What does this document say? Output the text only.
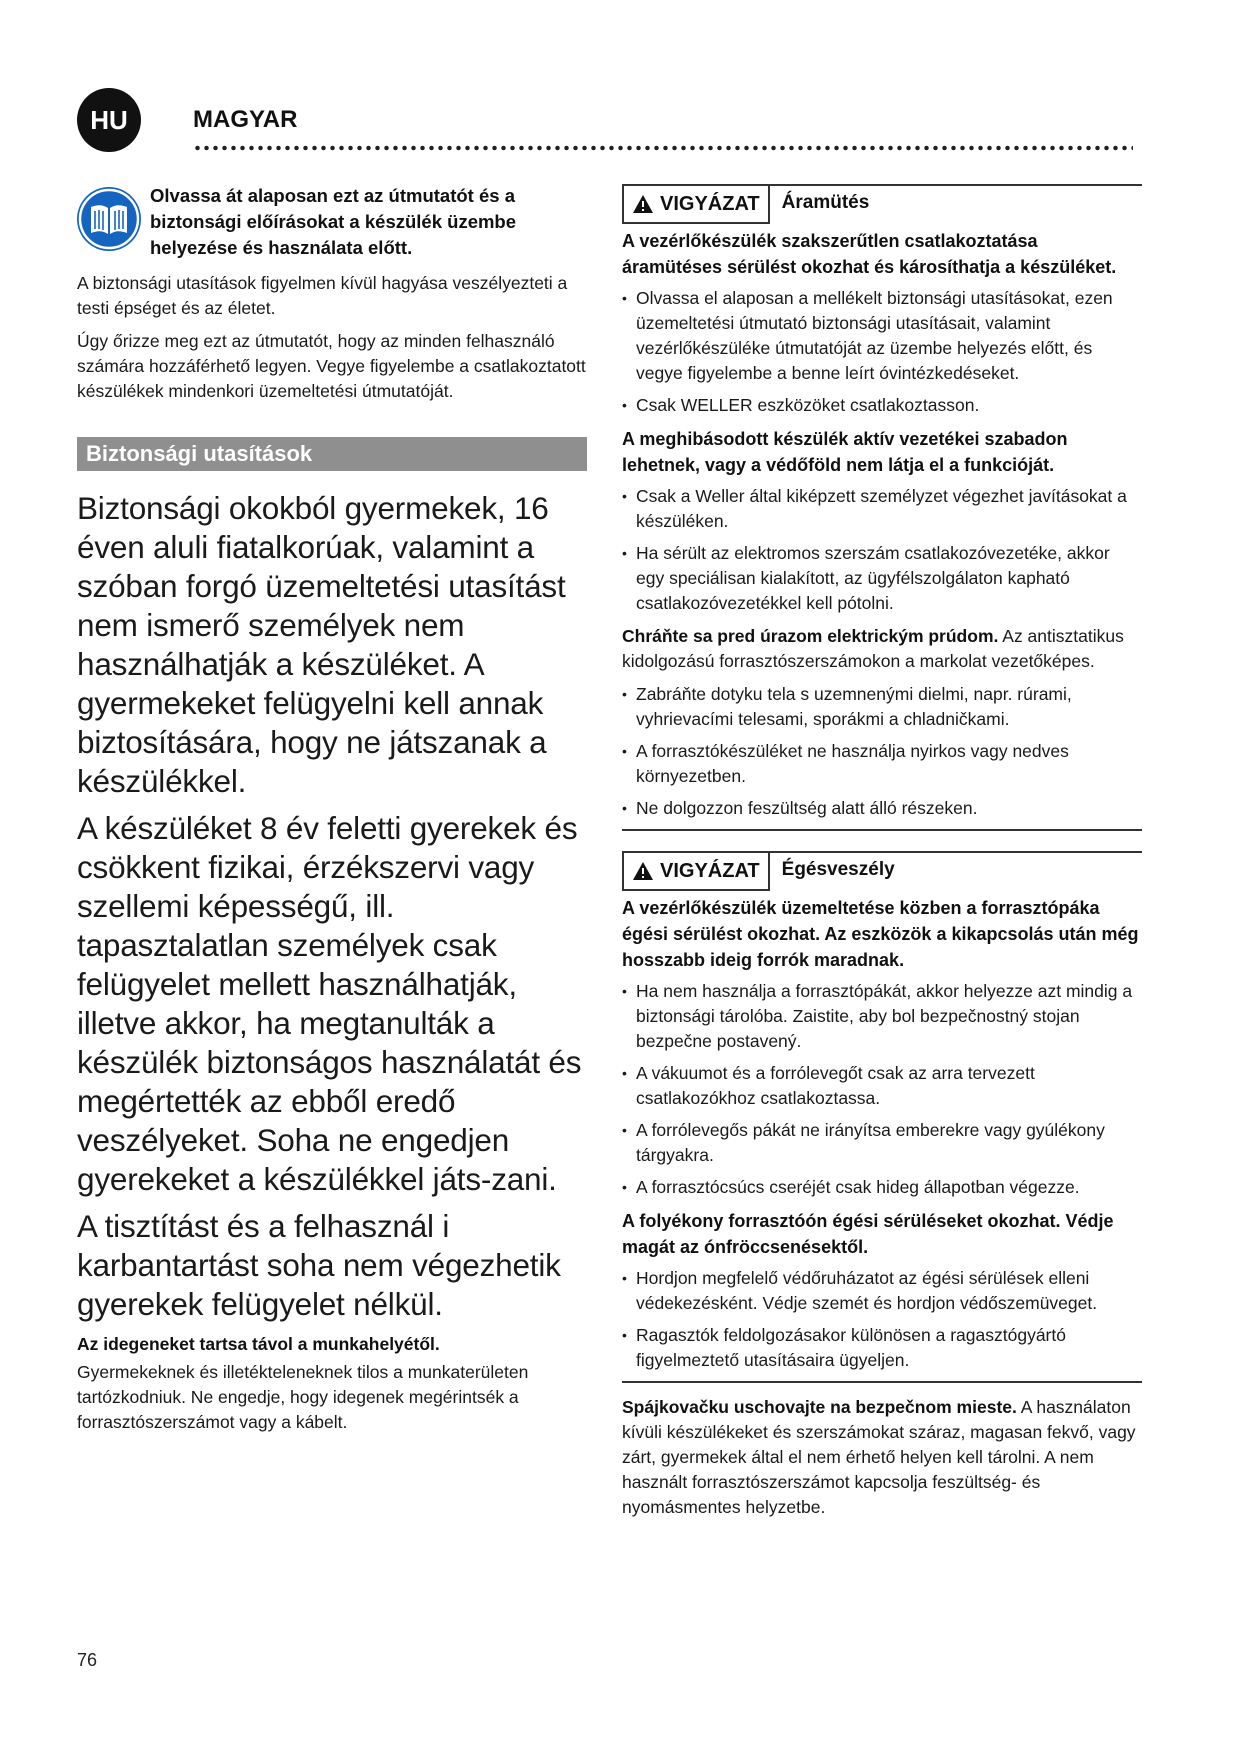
HU	MAGYAR
Olvassa át alaposan ezt az útmutatót és a biztonsági előírásokat a készülék üzembe helyezése és használata előtt.

A biztonsági utasítások figyelmen kívül hagyása veszélyezteti a testi épséget és az életet.

Úgy őrizze meg ezt az útmutatót, hogy az minden felhasználó számára hozzáférhető legyen. Vegye figyelembe a csatlakoztatott készülékek mindenkori üzemeltetési útmutatóját.

Biztonsági utasítások

Biztonsági okokból gyermekek, 16 éven aluli fiatalkorúak, valamint a szóban forgó üzemeltetési utasítást nem ismerő személyek nem használhatják a készüléket. A gyermekeket felügyelni kell annak biztosítására, hogy ne játszanak a készülékkel.

A készüléket 8 év feletti gyerekek és csökkent fizikai, érzékszervi vagy szellemi képességű, ill. tapasztalatlan személyek csak felügyelet mellett használhatják, illetve akkor, ha megtanulták a készülék biztonságos használatát és megértették az ebből eredő veszélyeket. Soha ne engedjen gyerekeket a készülékkel játs-zani.

A tisztítást és a felhasznál i karbantartást soha nem végezhetik gyerekek felügyelet nélkül.

Az idegeneket tartsa távol a munkahelyétől.

Gyermekeknek és illetékteleneknek tilos a munkaterületen tartózkodniuk. Ne engedje, hogy idegenek megérintsék a forrasztószerszámot vagy a kábelt.

VIGYÁZAT	Áramütés

A vezérlőkészülék szakszerűtlen csatlakoztatása áramütéses sérülést okozhat és károsíthatja a készüléket.

• Olvassa el alaposan a mellékelt biztonsági utasításokat, ezen üzemeltetési útmutató biztonsági utasításait, valamint vezérlőkészüléke útmutatóját az üzembe helyezés előtt, és vegye figyelembe a benne leírt óvintézkedéseket.
• Csak WELLER eszközöket csatlakoztasson.

A meghibásodott készülék aktív vezetékei szabadon lehetnek, vagy a védőföld nem látja el a funkcióját.

• Csak a Weller által kiképzett személyzet végezhet javításokat a készüléken.
• Ha sérült az elektromos szerszám csatlakozóvezetéke, akkor egy speciálisan kialakított, az ügyfélszolgálaton kapható csatlakozóvezetékkel kell pótolni.

Chráňte sa pred úrazom elektrickým prúdom. Az antisztatikus kidolgozású forrasztószerszámokon a markolat vezetőképes.

• Zabráňte dotyku tela s uzemnenými dielmi, napr. rúrami, vyhrievacími telesami, sporákmi a chladničkami.
• A forrasztókészüléket ne használja nyirkos vagy nedves környezetben.
• Ne dolgozzon feszültség alatt álló részeken.
VIGYÁZAT	Égésveszély

A vezérlőkészülék üzemeltetése közben a forrasztópáka égési sérülést okozhat. Az eszközök a kikapcsolás után még hosszabb ideig forrók maradnak.

• Ha nem használja a forrasztópákát, akkor helyezze azt mindig a biztonsági tárolóba. Zaistite, aby bol bezpečnostný stojan bezpečne postavený.
• A vákuumot és a forrólevegőt csak az arra tervezett csatlakozókhoz csatlakoztassa.
• A forrólevegős pákát ne irányítsa emberekre vagy gyúlékony tárgyakra.
• A forrasztócsúcs cseréjét csak hideg állapotban végezze.

A folyékony forrasztóón égési sérüléseket okozhat. Védje magát az ónfröccsenésektől.

• Hordjon megfelelő védőruházatot az égési sérülések elleni védekezésként. Védje szemét és hordjon védőszemüveget.
• Ragasztók feldolgozásakor különösen a ragasztógyártó figyelmeztető utasításaira ügyeljen.

Spájkovačku uschovajte na bezpečnom mieste. A használaton kívüli készülékeket és szerszámokat száraz, magasan fekvő, vagy zárt, gyermekek által el nem érhető helyen kell tárolni. A nem használt forrasztószerszámot kapcsolja feszültség- és nyomásmentes helyzetbe.

76
